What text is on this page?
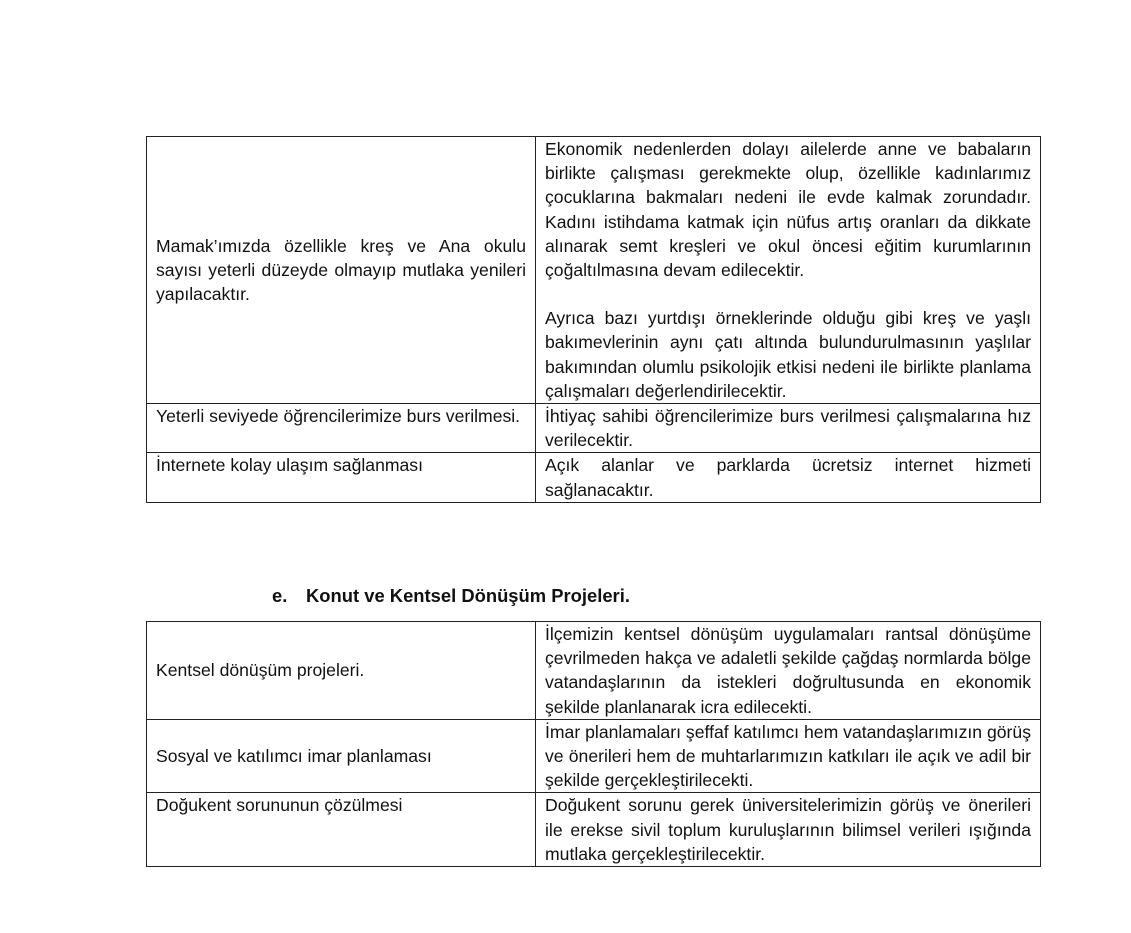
Mamak’ımızda özellikle kreş ve Ana okulu sayısı yeterli düzeyde olmayıp mutlaka yenileri yapılacaktır.	Ekonomik nedenlerden dolayı ailelerde anne ve babaların birlikte çalışması gerekmekte olup, özellikle kadınlarımız çocuklarına bakmaları nedeni ile evde kalmak zorundadır. Kadını istihdama katmak için nüfus artış oranları da dikkate alınarak semt kreşleri ve okul öncesi eğitim kurumlarının çoğaltılmasına devam edilecektir.

Ayrıca bazı yurtdışı örneklerinde olduğu gibi kreş ve yaşlı bakımevlerinin aynı çatı altında bulundurulmasının yaşlılar bakımından olumlu psikolojik etkisi nedeni ile birlikte planlama çalışmaları değerlendirilecektir.

Yeterli seviyede öğrencilerimize burs verilmesi.	İhtiyaç sahibi öğrencilerimize burs verilmesi çalışmalarına hız verilecektir.

İnternete kolay ulaşım sağlanması	Açık alanlar ve parklarda ücretsiz internet hizmeti sağlanacaktır.

e. Konut ve Kentsel Dönüşüm Projeleri.
Kentsel dönüşüm projeleri.	İlçemizin kentsel dönüşüm uygulamaları rantsal dönüşüme çevrilmeden hakça ve adaletli şekilde çağdaş normlarda bölge vatandaşlarının da istekleri doğrultusunda en ekonomik şekilde planlanarak icra edilecekti.

Sosyal ve katılımcı imar planlaması	İmar planlamaları şeffaf katılımcı hem vatandaşlarımızın görüş ve önerileri hem de muhtarlarımızın katkıları ile açık ve adil bir şekilde gerçekleştirilecekti.

Doğukent sorununun çözülmesi	Doğukent sorunu gerek üniversitelerimizin görüş ve önerileri ile erekse sivil toplum kuruluşlarının bilimsel verileri ışığında mutlaka gerçekleştirilecektir.
